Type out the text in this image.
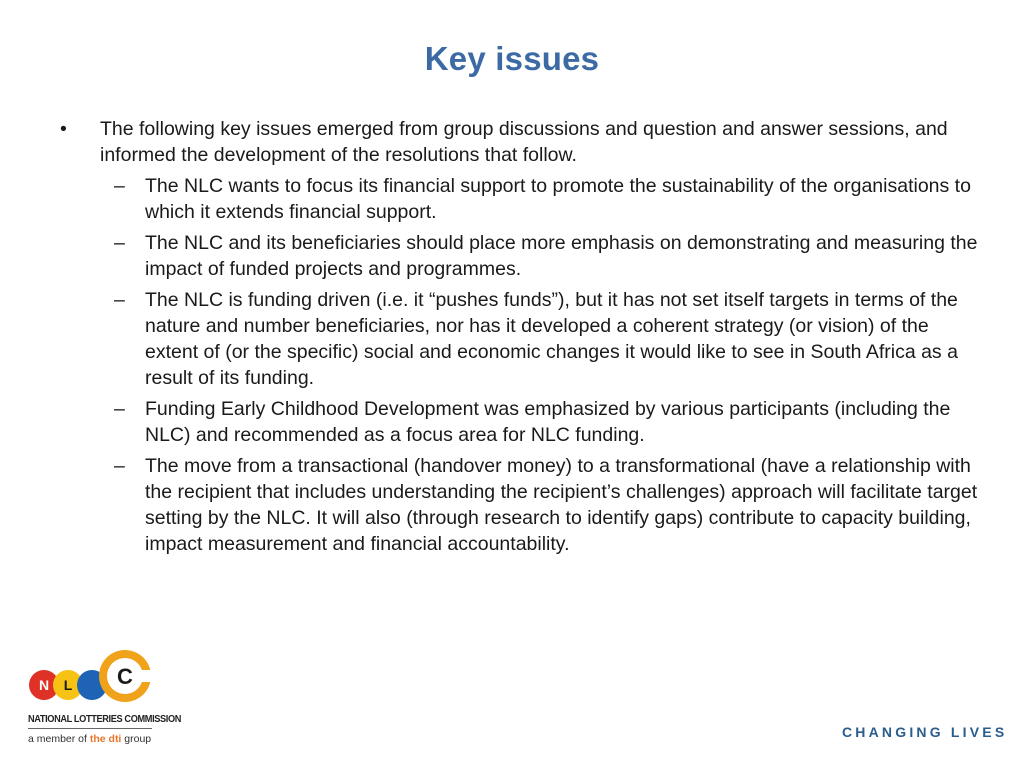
Key issues
•	The following key issues emerged from group discussions and question and answer sessions, and informed the development of the resolutions that follow.
– The NLC wants to focus its financial support to promote the sustainability of the organisations to which it extends financial support.
– The NLC and its beneficiaries should place more emphasis on demonstrating and measuring the impact of funded projects and programmes.
– The NLC is funding driven (i.e. it “pushes funds”), but it has not set itself targets in terms of the nature and number beneficiaries, nor has it developed a coherent strategy (or vision) of the extent of (or the specific) social and economic changes it would like to see in South Africa as a result of its funding.
– Funding Early Childhood Development was emphasized by various participants (including the NLC) and recommended as a focus area for NLC funding.
– The move from a transactional (handover money) to a transformational (have a relationship with the recipient that includes understanding the recipient’s challenges) approach will facilitate target setting by the NLC. It will also (through research to identify gaps) contribute to capacity building, impact measurement and financial accountability.
N L C
NATIONAL LOTTERIES COMMISSION
a member of the dti group	CHANGING LIVES
